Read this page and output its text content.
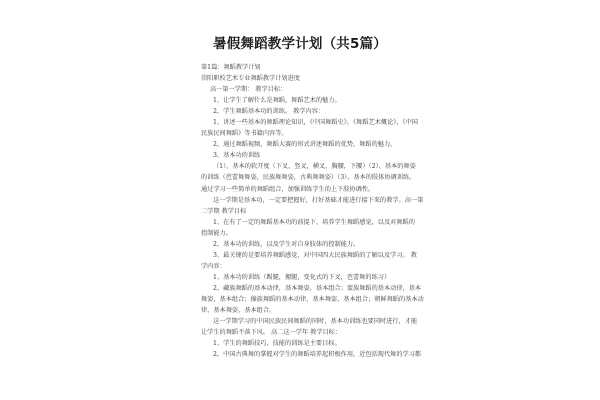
暑假舞蹈教学计划（共5篇）
第1篇：舞蹈教学计划
崇阳职校艺术专业舞蹈教学计划进度
高一第一学期： 教学目标：
1、让学生了解什么是舞蹈，舞蹈艺术的魅力。
2、学生舞蹈基本功的训练。 教学内容：
1、讲述一些基本的舞蹈理论知识，《中国舞蹈史》，《舞蹈艺术概论》，《中国
民族民间舞蹈》等书籍内容等。
2、通过舞蹈视频，舞蹈大赛的形式讲述舞蹈的优势，舞蹈的魅力。
3、基本功的训练
（1）、基本的软开度（下叉，竖叉，横叉，胸腰，下腰）（2）、基本的舞姿
的训练（芭蕾舞舞姿，民族舞舞姿，古典舞舞姿）（3）、基本的肢体协调训练，
通过学习一些简单的舞蹈组合，加强训练学生的上下肢协调性。
这一学期是基本功，一定要把握好，打好基础才能进行接下来的教学。高一第
二学期 教学目标
1、在有了一定的舞蹈基本功的前提下，培养学生舞蹈感觉，以及对舞蹈的
控制能力。
2、基本功的训练，以及学生对自身肢体的控制能力。
3、最关键的是要培养舞蹈感觉，对中国四大民族舞蹈的了解以及学习。 教
学内容：
1、基本功的训练（踢腿，搬腿，变化式的下叉，芭蕾舞的练习）
2、藏族舞蹈的基本动律，基本舞姿，基本组合；蒙族舞蹈的基本动律，基本
舞姿，基本组合；傣族舞蹈的基本动律，基本舞姿，基本组合；朝鲜舞蹈的基本动
律，基本舞姿，基本组合。
这一学期学习的中国民族民间舞蹈的同时，基本功训练也要同时进行，才能
让学生的舞蹈不落下风。 高二这一学年 教学目标：
1、学生的舞蹈技巧，技能的训练是主要目标。
2、中国古典舞的掌握对学生的舞蹈培养起积极作用，近包括现代舞的学习都
